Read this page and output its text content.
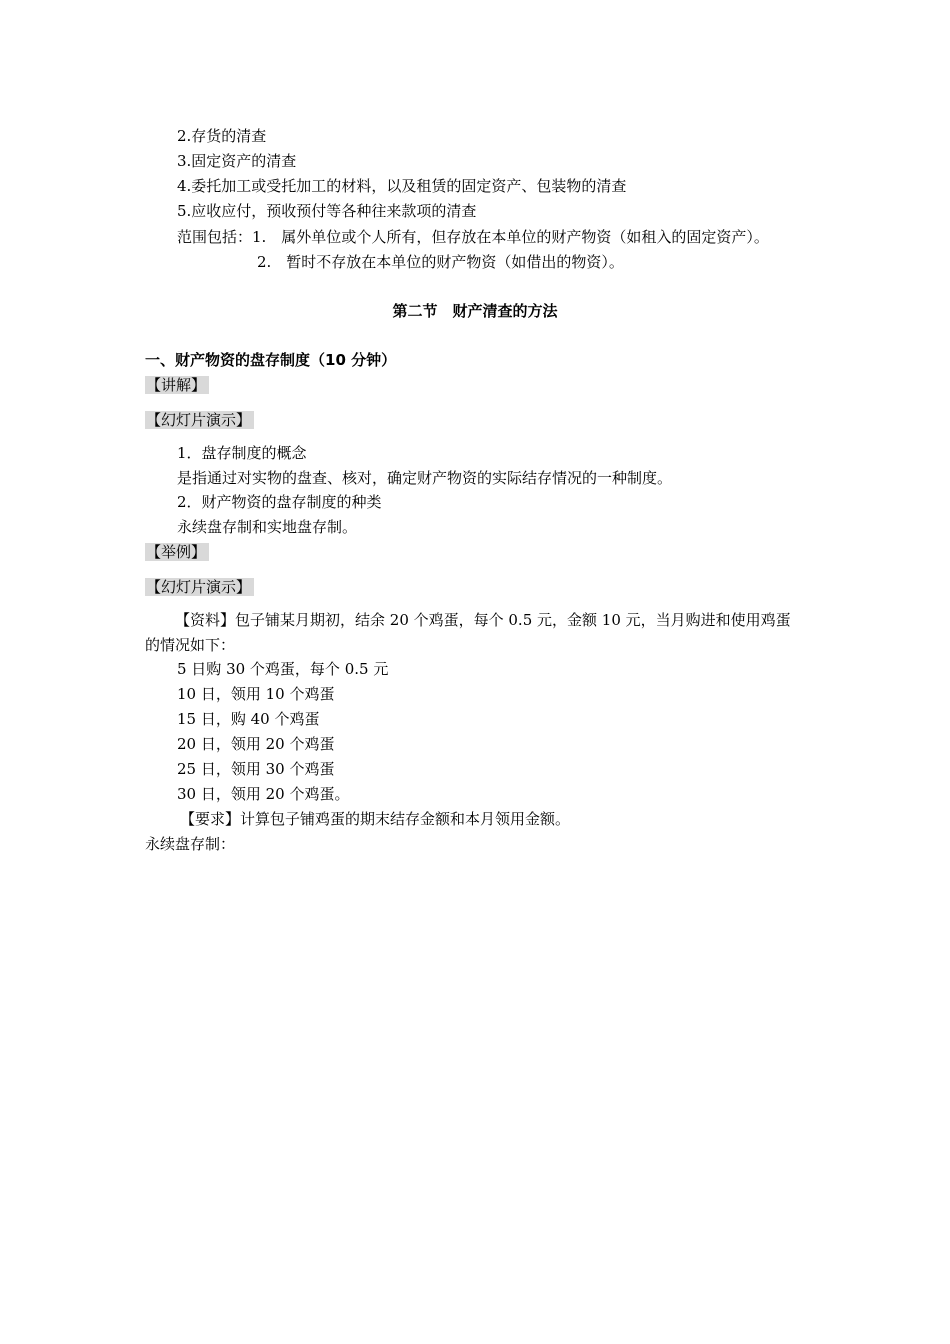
2.存货的清查
3.固定资产的清查
4.委托加工或受托加工的材料，以及租赁的固定资产、包装物的清查
5.应收应付，预收预付等各种往来款项的清查
范围包括：1.　属外单位或个人所有，但存放在本单位的财产物资（如租入的固定资产）。
2.　暂时不存放在本单位的财产物资（如借出的物资）。
第二节　财产清查的方法
一、财产物资的盘存制度（10 分钟）
【讲解】
【幻灯片演示】
1．盘存制度的概念
是指通过对实物的盘查、核对，确定财产物资的实际结存情况的一种制度。
2．财产物资的盘存制度的种类
永续盘存制和实地盘存制。
【举例】
【幻灯片演示】
【资料】包子铺某月期初，结余 20 个鸡蛋，每个 0.5 元，金额 10 元，当月购进和使用鸡蛋
的情况如下：
5 日购 30 个鸡蛋，每个 0.5 元
10 日，领用 10 个鸡蛋
15 日，购 40 个鸡蛋
20 日，领用 20 个鸡蛋
25 日，领用 30 个鸡蛋
30 日，领用 20 个鸡蛋。
【要求】计算包子铺鸡蛋的期末结存金额和本月领用金额。
永续盘存制：
